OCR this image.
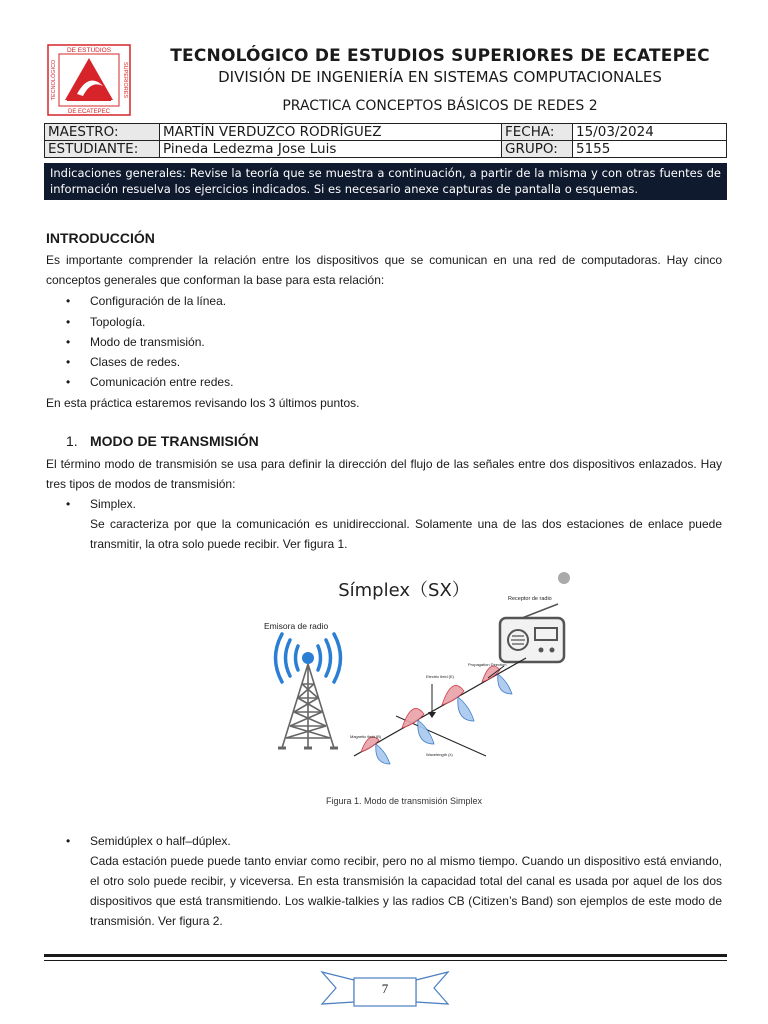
DE ESTUDIOS
DE ECATEPEC
TECNOLÓGICO	SUPERIORES
TECNOLÓGICO DE ESTUDIOS SUPERIORES DE ECATEPEC
DIVISIÓN DE INGENIERÍA EN SISTEMAS COMPUTACIONALES
PRACTICA CONCEPTOS BÁSICOS DE REDES 2
MAESTRO:	MARTÍN VERDUZCO RODRÍGUEZ	FECHA:	15/03/2024
ESTUDIANTE:	Pineda Ledezma Jose Luis	GRUPO:	5155
Indicaciones generales: Revise la teoría que se muestra a continuación, a partir de la misma y con otras fuentes de información resuelva los ejercicios indicados. Si es necesario anexe capturas de pantalla o esquemas.
INTRODUCCIÓN
Es importante comprender la relación entre los dispositivos que se comunican en una red de computadoras. Hay cinco conceptos generales que conforman la base para esta relación:
• Configuración de la línea.
• Topología.
• Modo de transmisión.
• Clases de redes.
• Comunicación entre redes.
En esta práctica estaremos revisando los 3 últimos puntos.
1. MODO DE TRANSMISIÓN
El término modo de transmisión se usa para definir la dirección del flujo de las señales entre dos dispositivos enlazados. Hay tres tipos de modos de transmisión:
• Simplex.
Se caracteriza por que la comunicación es unidireccional. Solamente una de las dos estaciones de enlace puede transmitir, la otra solo puede recibir. Ver figura 1.
Símplex（SX）
Emisora de radio
Receptor de radio
Electric field (E)
Propagation Direction
Magnetic field (B)
Wavelength (λ)
Figura 1. Modo de transmisión Simplex
• Semidúplex o half–dúplex.
Cada estación puede puede tanto enviar como recibir, pero no al mismo tiempo. Cuando un dispositivo está enviando, el otro solo puede recibir, y viceversa. En esta transmisión la capacidad total del canal es usada por aquel de los dos dispositivos que está transmitiendo. Los walkie-talkies y las radios CB (Citizen’s Band) son ejemplos de este modo de transmisión. Ver figura 2.
7
